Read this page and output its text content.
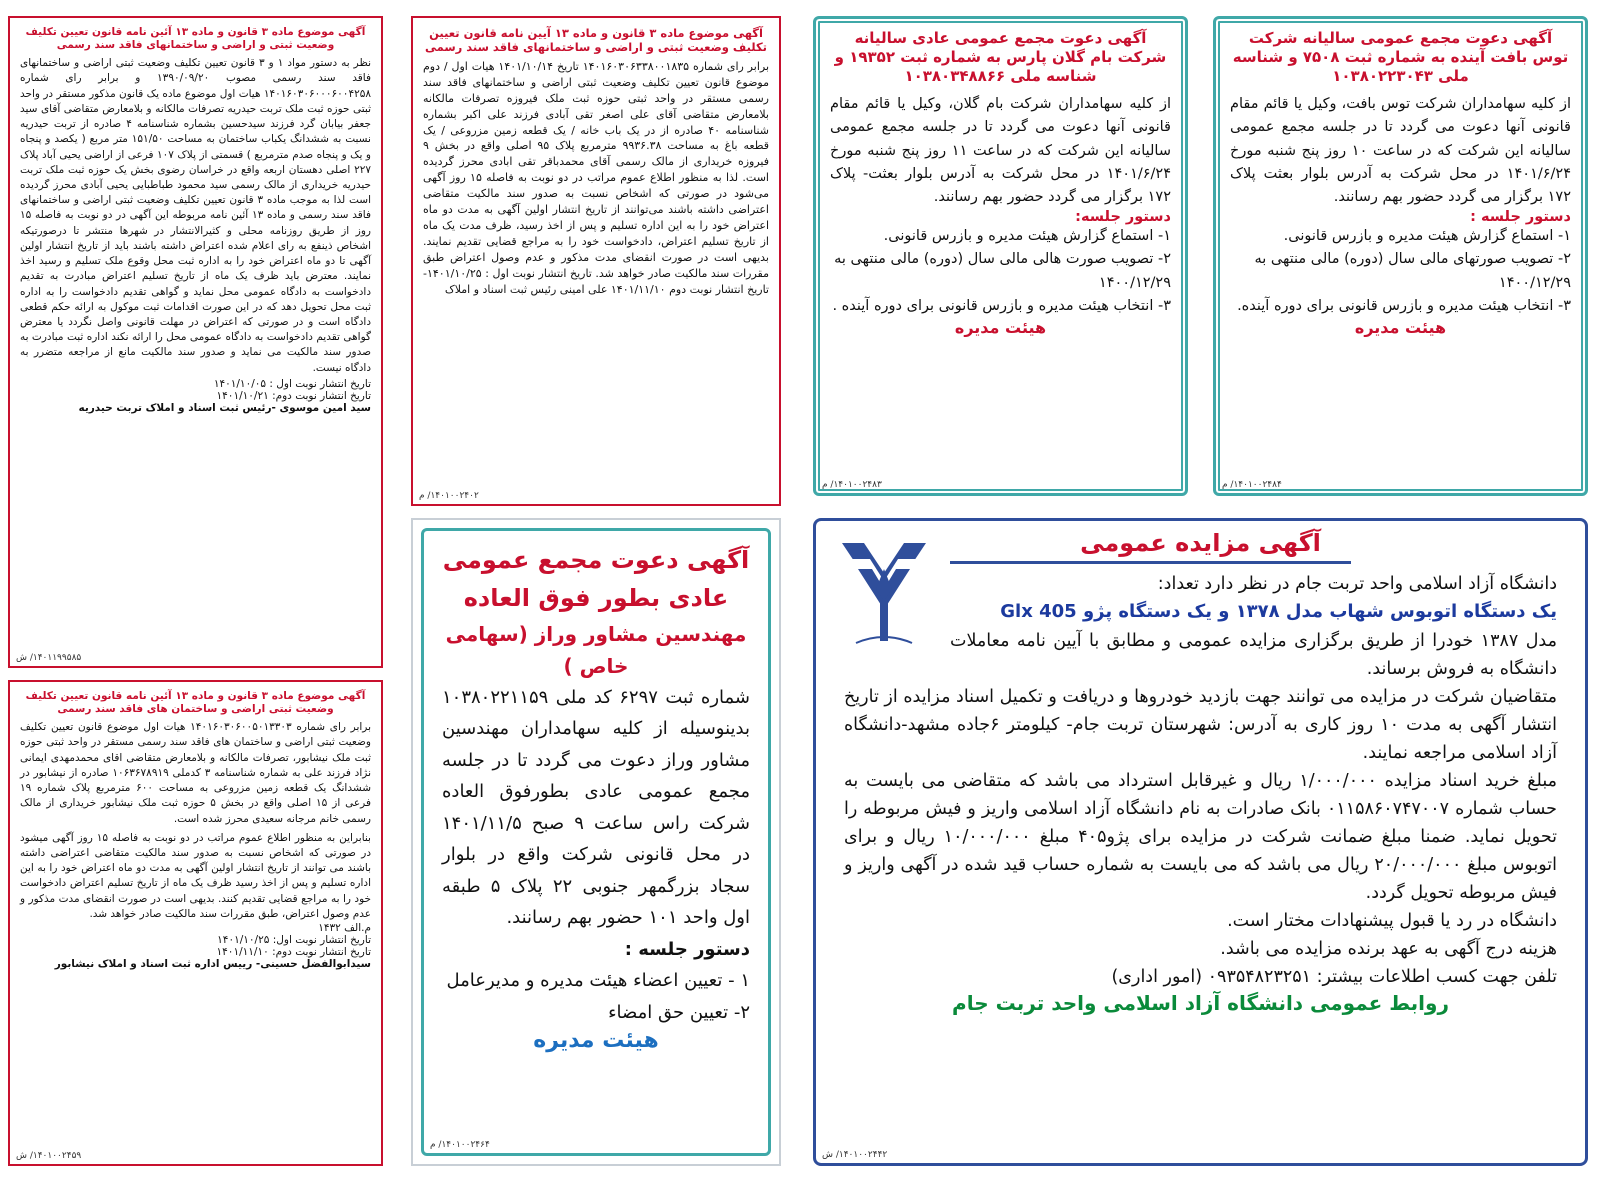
آگهی موضوع ماده ۳ قانون و ماده ۱۳ آئین نامه قانون تعیین تکلیف وضعیت ثبتی و اراضی و ساختمانهای فاقد سند رسمی
نظر به دستور مواد ۱ و ۳ قانون تعیین تکلیف وضعیت ثبتی اراضی و ساختمانهای فاقد سند رسمی مصوب ۱۳۹۰/۰۹/۲۰ و برابر رای شماره ۱۴۰۱۶۰۳۰۶۰۰۰۶۰۰۴۲۵۸ هیات اول موضوع ماده یک قانون مذکور مستقر در واحد ثبتی حوزه ثبت ملک تربت حیدریه تصرفات مالکانه و بلامعارض متقاضی آقای سید جعفر بیابان گرد فرزند سیدحسین بشماره شناسنامه ۴ صادره از تربت حیدریه نسبت به ششدانگ یکباب ساختمان به مساحت ۱۵۱/۵۰ متر مربع ( یکصد و پنجاه و یک و پنجاه صدم مترمربع ) قسمتی از پلاک ۱۰۷ فرعی از اراضی یحیی آباد پلاک ۲۲۷ اصلی دهستان اربعه واقع در خراسان رضوی بخش یک حوزه ثبت ملک تربت حیدریه خریداری از مالک رسمی سید محمود طباطبایی یحیی آبادی محرز گردیده است لذا به موجب ماده ۳ قانون تعیین تکلیف وضعیت ثبتی اراضی و ساختمانهای فاقد سند رسمی و ماده ۱۳ آئین نامه مربوطه این آگهی در دو نوبت به فاصله ۱۵ روز از طریق روزنامه محلی و کثیرالانتشار در شهرها منتشر تا درصورتیکه اشخاص ذینفع به رای اعلام شده اعتراض داشته باشند باید از تاریخ انتشار اولین آگهی تا دو ماه اعتراض خود را به اداره ثبت محل وقوع ملک تسلیم و رسید اخذ نمایند. معترض باید ظرف یک ماه از تاریخ تسلیم اعتراض مبادرت به تقدیم دادخواست به دادگاه عمومی محل نماید و گواهی تقدیم دادخواست را به اداره ثبت محل تحویل دهد که در این صورت اقدامات ثبت موکول به ارائه حکم قطعی دادگاه است و در صورتی که اعتراض در مهلت قانونی واصل نگردد یا معترض گواهی تقدیم دادخواست به دادگاه عمومی محل را ارائه نکند اداره ثبت مبادرت به صدور سند مالکیت می نماید و صدور سند مالکیت مانع از مراجعه متضرر به دادگاه نیست.
تاریخ انتشار نوبت اول : ۱۴۰۱/۱۰/۰۵
تاریخ انتشار نوبت دوم: ۱۴۰۱/۱۰/۲۱
سید امین موسوی -رئیس ثبت اسناد و املاک تربت حیدریه
۱۴۰۱۱۹۹۵۸۵/ ش
آگهی موضوع ماده ۳ قانون و ماده ۱۳ آئین نامه قانون تعیین تکلیف وضعیت ثبتی اراضی و ساختمان های فاقد سند رسمی
برابر رای شماره ۱۴۰۱۶۰۳۰۶۰۰۵۰۱۳۳۰۳ هیات اول موضوع قانون تعیین تکلیف وضعیت ثبتی اراضی و ساختمان های فاقد سند رسمی مستقر در واحد ثبتی حوزه ثبت ملک نیشابور، تصرفات مالکانه و بلامعارض متقاضی اقای محمدمهدی ایمانی نژاد فرزند علی به شماره شناسنامه ۳ کدملی ۱۰۶۳۶۷۸۹۱۹ صادره از نیشابور در ششدانگ یک قطعه زمین مزروعی به مساحت ۶۰۰ مترمربع پلاک شماره ۱۹ فرعی از ۱۵ اصلی واقع در بخش ۵ حوزه ثبت ملک نیشابور خریداری از مالک رسمی خانم مرجانه سعیدی محرز شده است.
بنابراین به منظور اطلاع عموم مراتب در دو نوبت به فاصله ۱۵ روز آگهی میشود در صورتی که اشخاص نسبت به صدور سند مالکیت متقاضی اعتراضی داشته باشند می توانند از تاریخ انتشار اولین آگهی به مدت دو ماه اعتراض خود را به این اداره تسلیم و پس از اخذ رسید ظرف یک ماه از تاریخ تسلیم اعتراض دادخواست خود را به مراجع قضایی تقدیم کنند. بدیهی است در صورت انقضای مدت مذکور و عدم وصول اعتراض، طبق مقررات سند مالکیت صادر خواهد شد.
م.الف ۱۴۳۲
تاریخ انتشار نوبت اول: ۱۴۰۱/۱۰/۲۵
تاریخ انتشار نوبت دوم: ۱۴۰۱/۱۱/۱۰
سیدابوالفضل حسینی- رییس اداره ثبت اسناد و املاک نیشابور
۱۴۰۱۰۰۲۴۵۹/ ش
آگهی موضوع ماده ۳ قانون و ماده ۱۳ آیین نامه قانون تعیین تکلیف وضعیت ثبتی و اراضی و ساختمانهای فاقد سند رسمی
برابر رای شماره ۱۴۰۱۶۰۳۰۶۳۳۸۰۰۱۸۳۵ تاریخ ۱۴۰۱/۱۰/۱۴ هیات اول / دوم موضوع قانون تعیین تکلیف وضعیت ثبتی اراضی و ساختمانهای فاقد سند رسمی مستقر در واحد ثبتی حوزه ثبت ملک فیروزه تصرفات مالکانه بلامعارض متقاضی آقای علی اصغر تقی آبادی فرزند علی اکبر بشماره شناسنامه ۴۰ صادره از در یک باب خانه / یک قطعه زمین مزروعی / یک قطعه باغ به مساحت ۹۹۳۶.۳۸ مترمربع پلاک ۹۵ اصلی واقع در بخش ۹ فیروزه خریداری از مالک رسمی آقای محمدباقر تقی ابادی محرز گردیده است. لذا به منظور اطلاع عموم مراتب در دو نوبت به فاصله ۱۵ روز آگهی می‌شود در صورتی که اشخاص نسبت به صدور سند مالکیت متقاضی اعتراضی داشته باشند می‌توانند از تاریخ انتشار اولین آگهی به مدت دو ماه اعتراض خود را به این اداره تسلیم و پس از اخذ رسید، ظرف مدت یک ماه از تاریخ تسلیم اعتراض، دادخواست خود را به مراجع قضایی تقدیم نمایند. بدیهی است در صورت انقضای مدت مذکور و عدم وصول اعتراض طبق مقررات سند مالکیت صادر خواهد شد. تاریخ انتشار نوبت اول : ۱۴۰۱/۱۰/۲۵- تاریخ انتشار نوبت دوم ۱۴۰۱/۱۱/۱۰ علی امینی رئیس ثبت اسناد و املاک
۱۴۰۱۰۰۲۴۰۲/ م
آگهی دعوت مجمع عمومی
عادی بطور فوق العاده
مهندسین مشاور وراز (سهامی خاص )
شماره ثبت ۶۲۹۷ کد ملی ۱۰۳۸۰۲۲۱۱۵۹ بدینوسیله از کلیه سهامداران مهندسین مشاور وراز دعوت می گردد تا در جلسه مجمع عمومی عادی بطورفوق العاده شرکت راس ساعت ۹ صبح ۱۴۰۱/۱۱/۵ در محل قانونی شرکت واقع در بلوار سجاد بزرگمهر جنوبی ۲۲ پلاک ۵ طبقه اول واحد ۱۰۱ حضور بهم رسانند.
دستور جلسه :
۱ - تعیین اعضاء هیئت مدیره و مدیرعامل
۲- تعیین حق امضاء
هیئت مدیره
۱۴۰۱۰۰۲۴۶۴/ م
آگهی دعوت مجمع عمومی عادی سالیانه شرکت بام گلان پارس به شماره ثبت ۱۹۳۵۲ و شناسه ملی ۱۰۳۸۰۳۴۸۸۶۶
از کلیه سهامداران شرکت بام گلان، وکیل یا قائم مقام قانونی آنها دعوت می گردد تا در جلسه مجمع عمومی سالیانه این شرکت که در ساعت ۱۱ روز پنج شنبه مورخ ۱۴۰۱/۶/۲۴ در محل شرکت به آدرس بلوار بعثت- پلاک ۱۷۲ برگزار می گردد حضور بهم رسانند.
دستور جلسه:
۱- استماع گزارش هیئت مدیره و بازرس قانونی.
۲- تصویب صورت هالی مالی سال (دوره) مالی منتهی به ۱۴۰۰/۱۲/۲۹
۳- انتخاب هیئت مدیره و بازرس قانونی برای دوره آینده .
هیئت مدیره
۱۴۰۱۰۰۲۴۸۳/ م
آگهی دعوت مجمع عمومی سالیانه شرکت توس بافت آینده به شماره ثبت ۷۵۰۸ و شناسه ملی ۱۰۳۸۰۲۲۳۰۴۳
از کلیه سهامداران شرکت توس بافت، وکیل یا قائم مقام قانونی آنها دعوت می گردد تا در جلسه مجمع عمومی سالیانه این شرکت که در ساعت ۱۰ روز پنج شنبه مورخ ۱۴۰۱/۶/۲۴ در محل شرکت به آدرس بلوار بعثت پلاک ۱۷۲ برگزار می گردد حضور بهم رسانند.
دستور جلسه :
۱- استماع گزارش هیئت مدیره و بازرس قانونی.
۲- تصویب صورتهای مالی سال (دوره) مالی منتهی به ۱۴۰۰/۱۲/۲۹
۳- انتخاب هیئت مدیره و بازرس قانونی برای دوره آینده.
هیئت مدیره
۱۴۰۱۰۰۲۴۸۴/ م
آگهی مزایده عمومی
دانشگاه آزاد اسلامی واحد تربت جام در نظر دارد تعداد:
یک دستگاه اتوبوس شهاب مدل ۱۳۷۸ و یک دستگاه پژو Glx 405
مدل ۱۳۸۷ خودرا از طریق برگزاری مزایده عمومی و مطابق با آیین نامه معاملات دانشگاه به فروش برساند.
متقاضیان شرکت در مزایده می توانند جهت بازدید خودروها و دریافت و تکمیل اسناد مزایده از تاریخ انتشار آگهی به مدت ۱۰ روز کاری به آدرس: شهرستان تربت جام- کیلومتر ۶جاده مشهد-دانشگاه آزاد اسلامی مراجعه نمایند.
مبلغ خرید اسناد مزایده ۱/۰۰۰/۰۰۰ ریال و غیرقابل استرداد می باشد که متقاضی می بایست به حساب شماره ۰۱۱۵۸۶۰۷۴۷۰۰۷ بانک صادرات به نام دانشگاه آزاد اسلامی واریز و فیش مربوطه را تحویل نماید. ضمنا مبلغ ضمانت شرکت در مزایده برای پژو۴۰۵ مبلغ ۱۰/۰۰۰/۰۰۰ ریال و برای اتوبوس مبلغ ۲۰/۰۰۰/۰۰۰ ریال می باشد که می بایست به شماره حساب قید شده در آگهی واریز و فیش مربوطه تحویل گردد.
دانشگاه در رد یا قبول پیشنهادات مختار است.
هزینه درج آگهی به عهد برنده مزایده می باشد.
تلفن جهت کسب اطلاعات بیشتر: ۰۹۳۵۴۸۲۳۲۵۱ (امور اداری)
روابط عمومی دانشگاه آزاد اسلامی واحد تربت جام
۱۴۰۱۰۰۲۴۴۲/ ش
